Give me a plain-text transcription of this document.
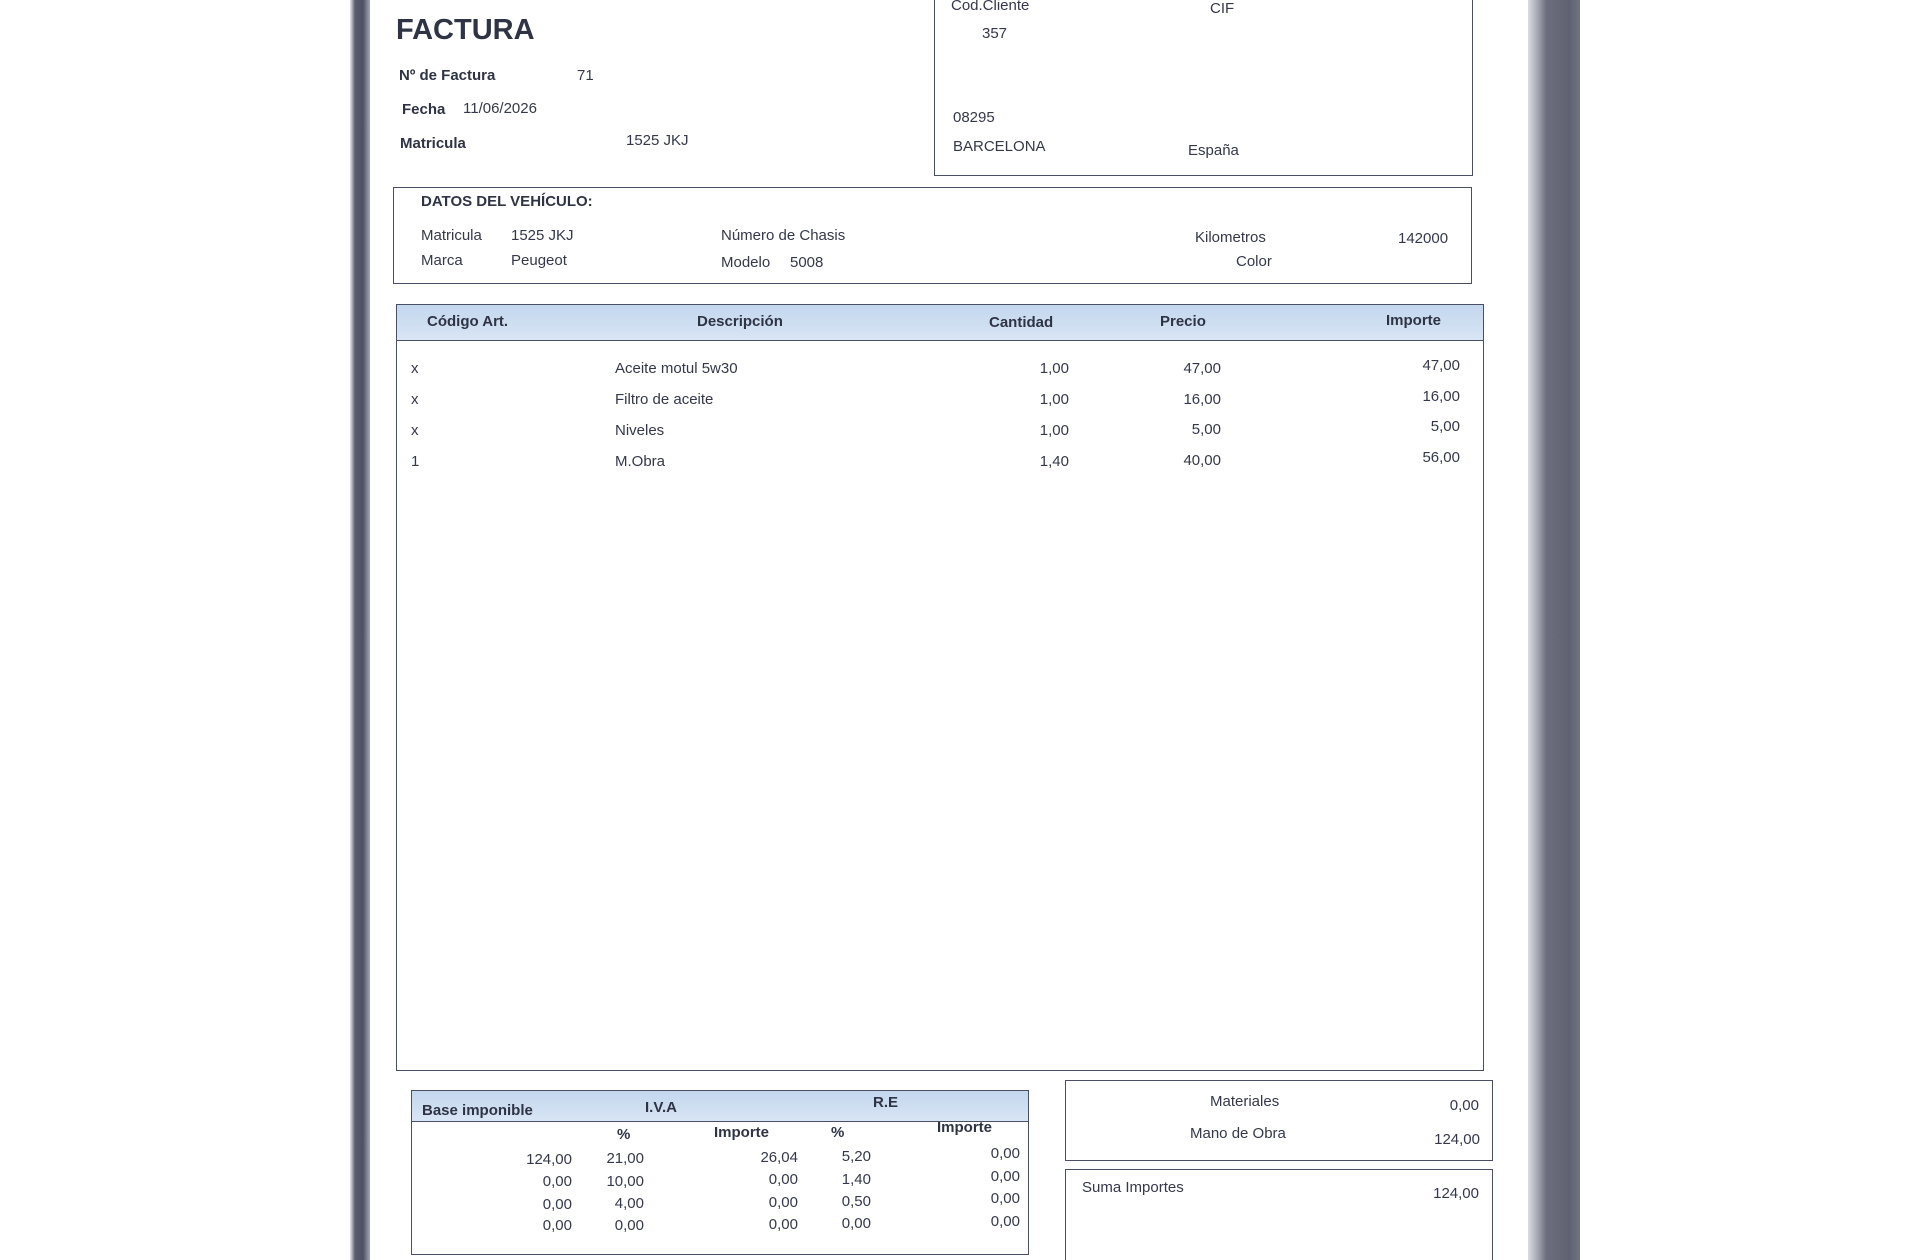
FACTURA
Nº de Factura	71
Fecha 11/06/2026
Matricula	1525 JKJ
Cod.Cliente	CIF
357
08295
BARCELONA	España
DATOS DEL VEHÍCULO:
Matricula 1525 JKJ	Número de Chasis	Kilometros	142000
Marca	Peugeot	Modelo 5008	Color
Código Art.	Descripción	Cantidad	Precio	Importe
x	Aceite motul 5w30	1,00	47,00	47,00
x	Filtro de aceite	1,00	16,00	16,00
x	Niveles	1,00	5,00	5,00
1	M.Obra	1,40	40,00	56,00
Base imponible	I.V.A	R.E
%	Importe	%	Importe
124,00	21,00	26,04	5,20	0,00
0,00	10,00	0,00	1,40	0,00
0,00	4,00	0,00	0,50	0,00
0,00	0,00	0,00	0,00	0,00
Materiales	0,00
Mano de Obra	124,00
Suma Importes	124,00
